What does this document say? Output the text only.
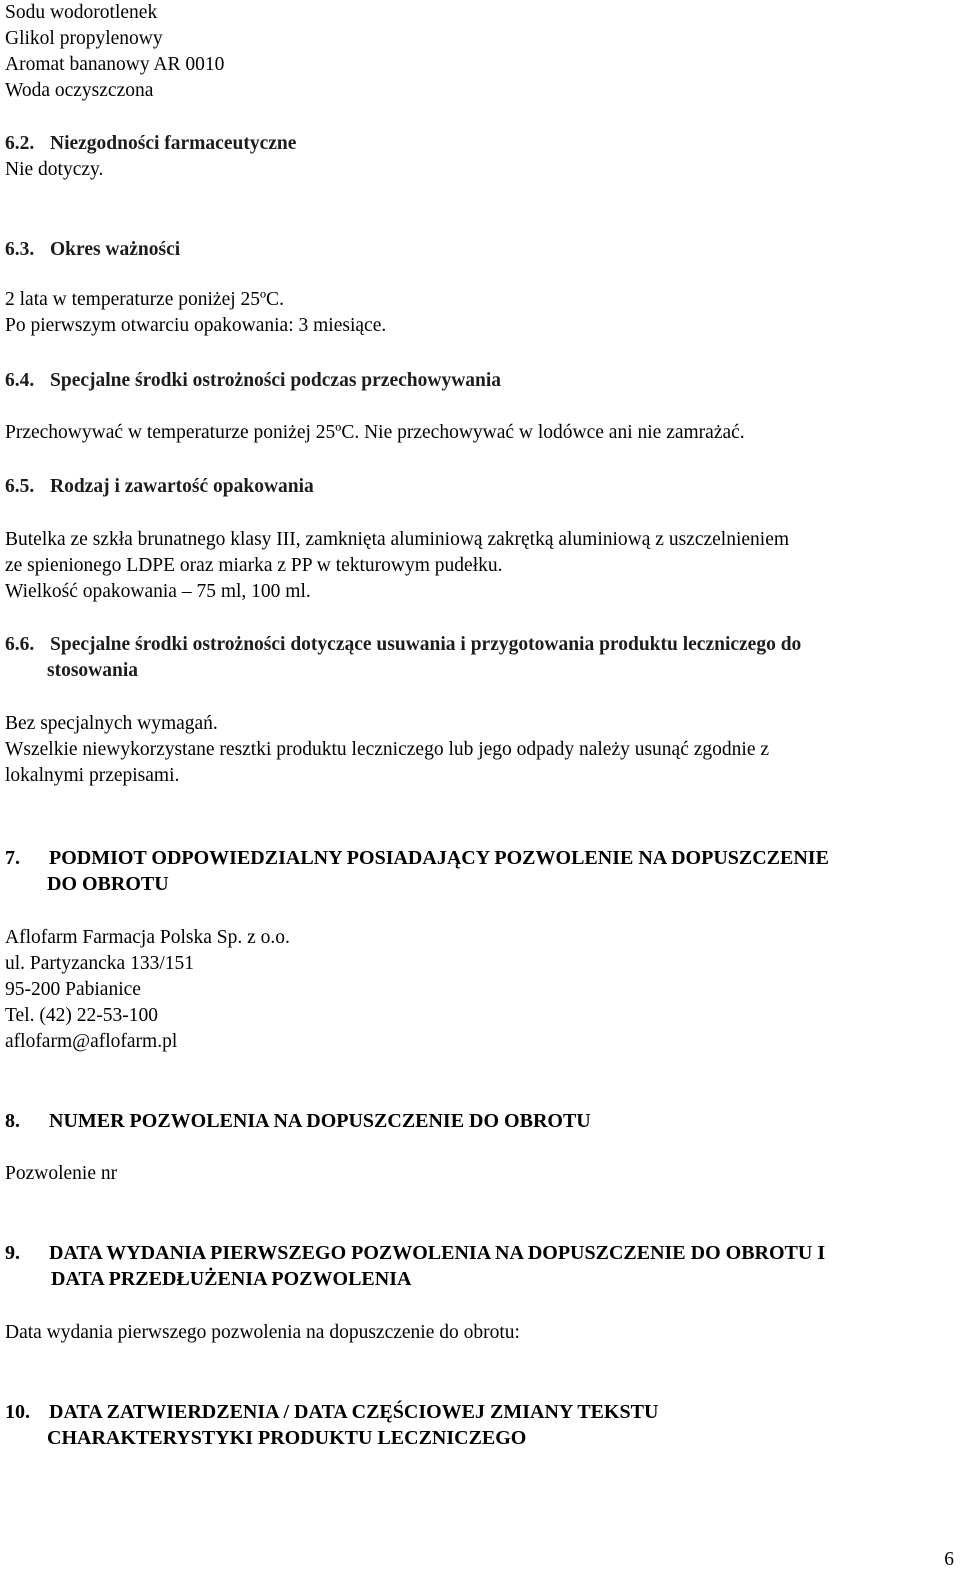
Sodu wodorotlenek
Glikol propylenowy
Aromat bananowy AR 0010
Woda oczyszczona
6.2. Niezgodności farmaceutyczne
Nie dotyczy.
6.3. Okres ważności
2 lata w temperaturze poniżej 25ºC.
Po pierwszym otwarciu opakowania: 3 miesiące.
6.4. Specjalne środki ostrożności podczas przechowywania
Przechowywać w temperaturze poniżej 25ºC. Nie przechowywać w lodówce ani nie zamrażać.
6.5. Rodzaj i zawartość opakowania
Butelka ze szkła brunatnego klasy III, zamknięta aluminiową zakrętką aluminiową z uszczelnieniem
ze spienionego LDPE oraz miarka z PP w tekturowym pudełku.
Wielkość opakowania – 75 ml, 100 ml.
6.6. Specjalne środki ostrożności dotyczące usuwania i przygotowania produktu leczniczego do
stosowania
Bez specjalnych wymagań.
Wszelkie niewykorzystane resztki produktu leczniczego lub jego odpady należy usunąć zgodnie z
lokalnymi przepisami.
7. PODMIOT ODPOWIEDZIALNY POSIADAJĄCY POZWOLENIE NA DOPUSZCZENIE
DO OBROTU
Aflofarm Farmacja Polska Sp. z o.o.
ul. Partyzancka 133/151
95-200 Pabianice
Tel. (42) 22-53-100
aflofarm@aflofarm.pl
8. NUMER POZWOLENIA NA DOPUSZCZENIE DO OBROTU
Pozwolenie nr
9. DATA WYDANIA PIERWSZEGO POZWOLENIA NA DOPUSZCZENIE DO OBROTU I
DATA PRZEDŁUŻENIA POZWOLENIA
Data wydania pierwszego pozwolenia na dopuszczenie do obrotu:
10. DATA ZATWIERDZENIA / DATA CZĘŚCIOWEJ ZMIANY TEKSTU
CHARAKTERYSTYKI PRODUKTU LECZNICZEGO
6
